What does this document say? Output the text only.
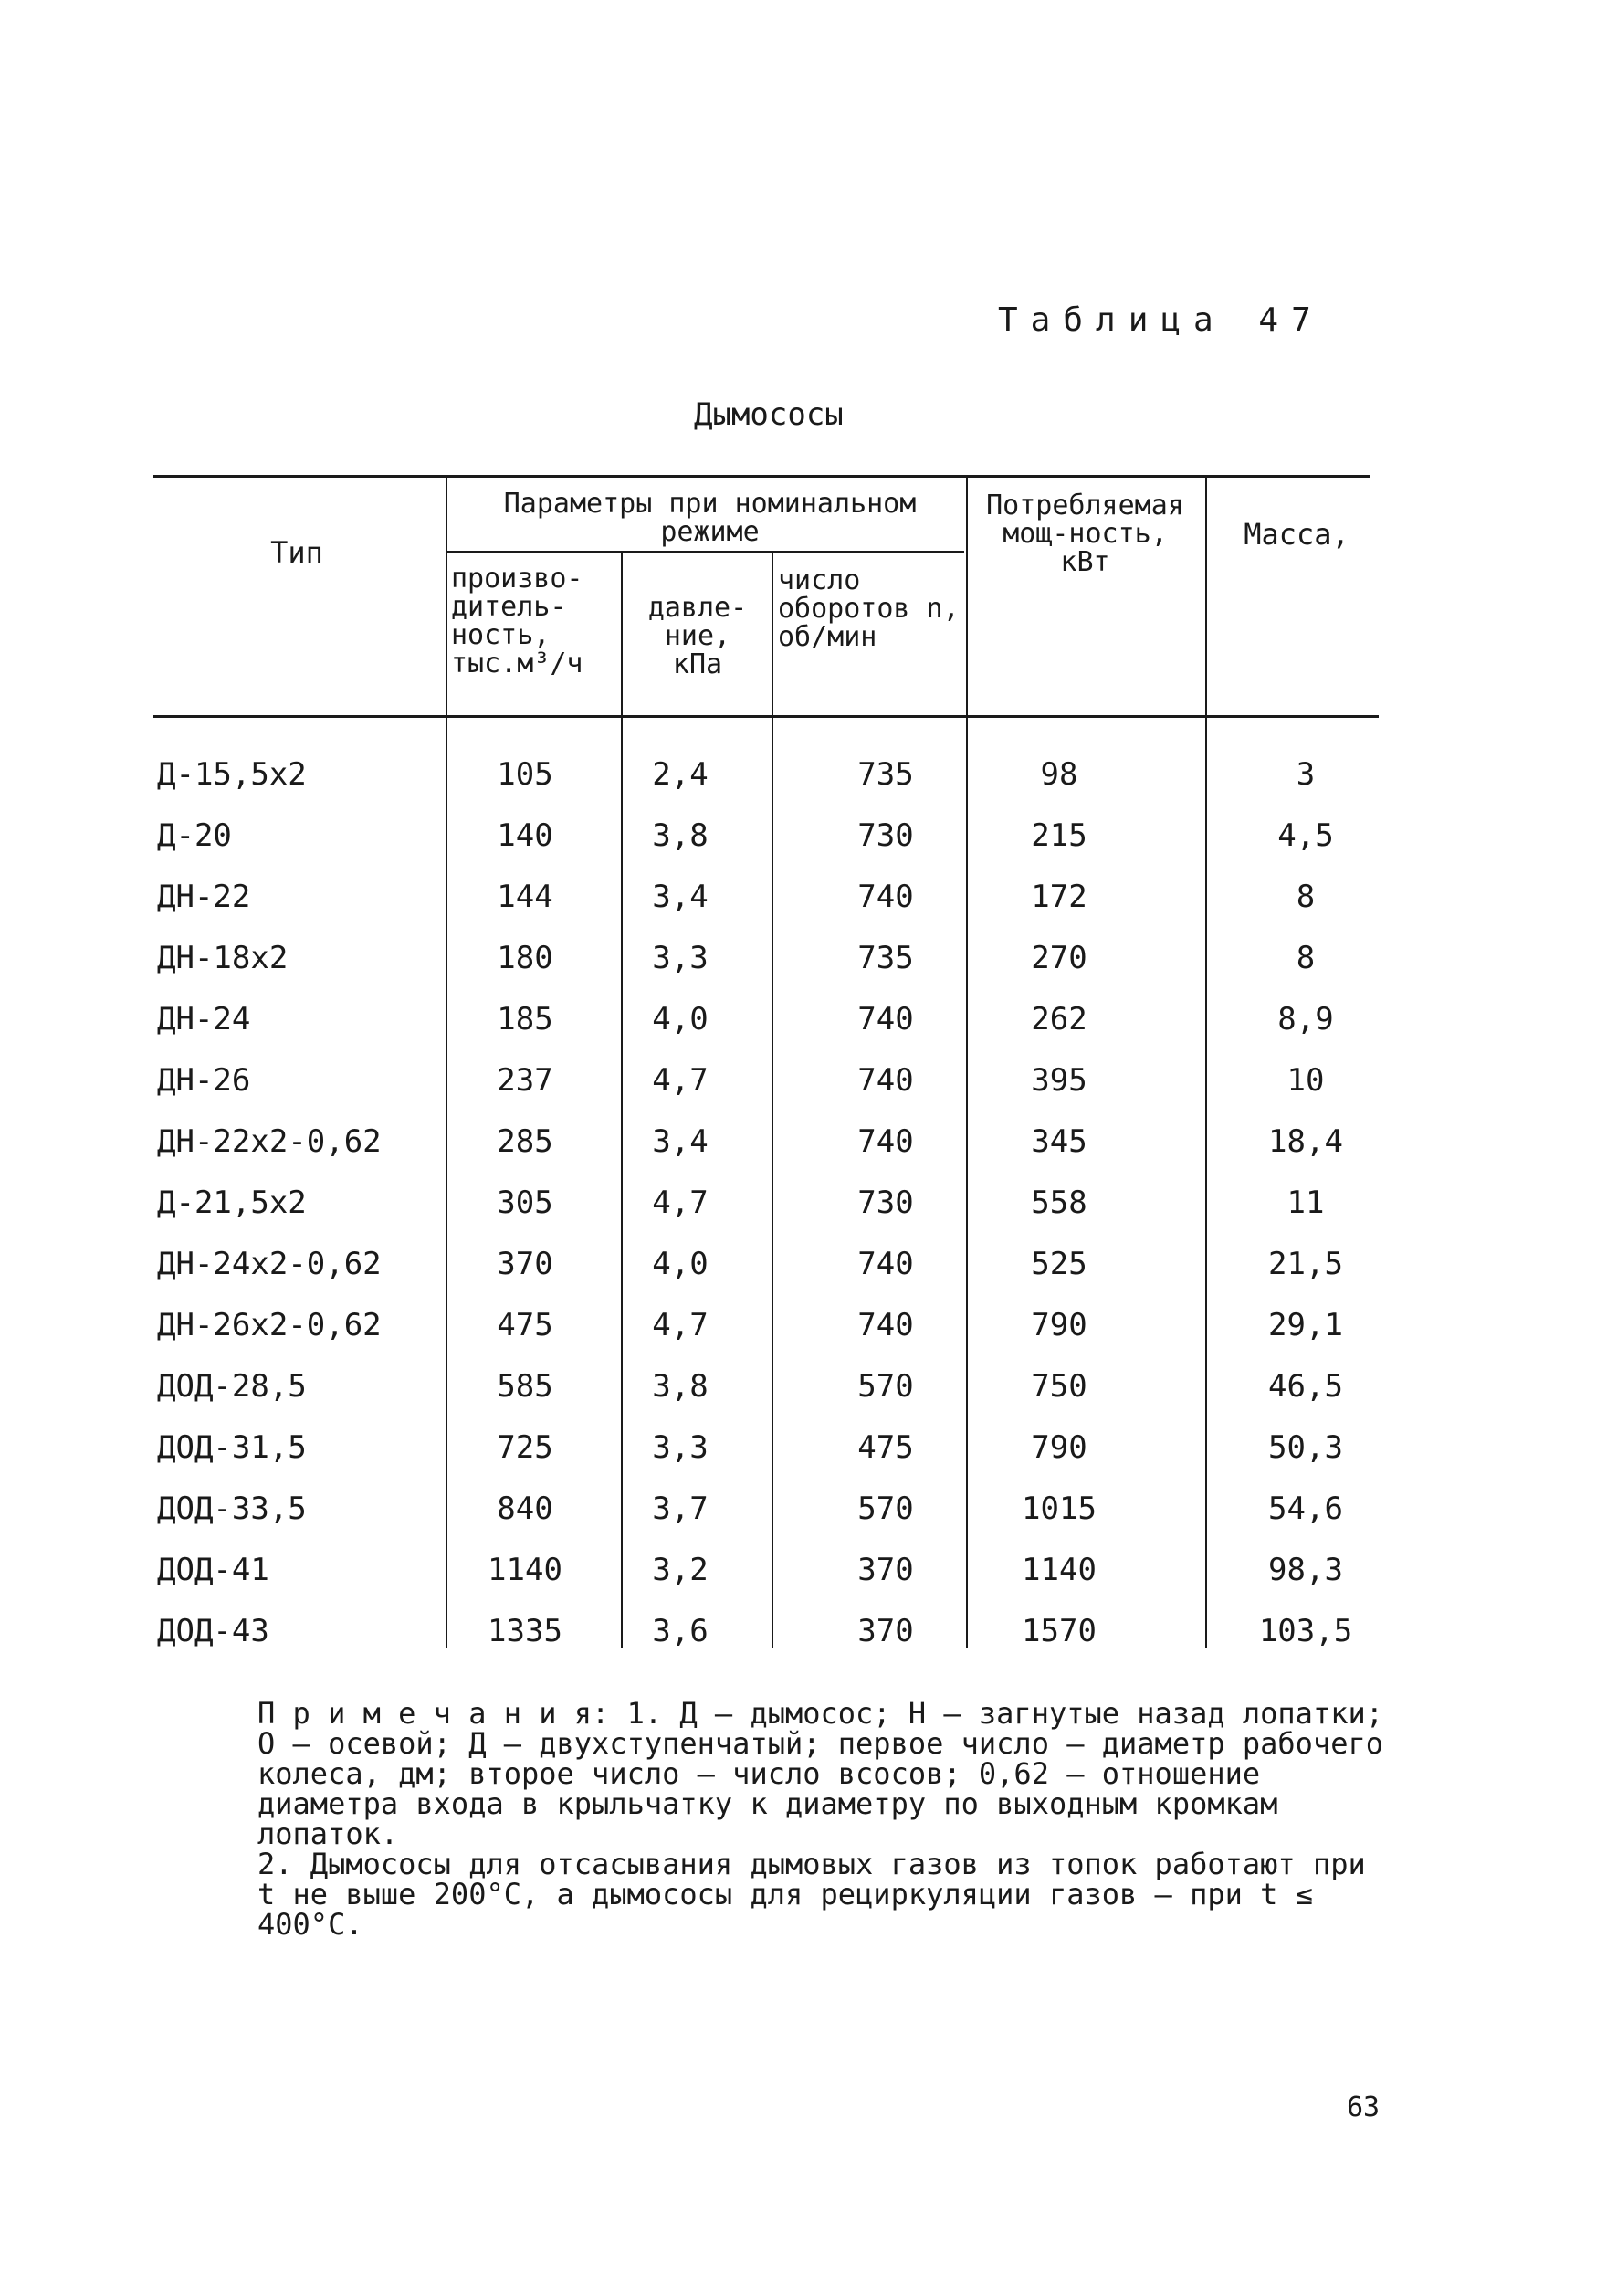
Таблица 47
Дымососы
Тип
Параметры при номинальном режиме
произво-дитель-ность, тыс.м³/ч
давле-ние, кПа
число оборотов n, об/мин
Потребляемая мощ-ность, кВт
Масса,
Д-15,5х2	105	2,4	735	98	3
Д-20	140	3,8	730	215	4,5
ДН-22	144	3,4	740	172	8
ДН-18х2	180	3,3	735	270	8
ДН-24	185	4,0	740	262	8,9
ДН-26	237	4,7	740	395	10
ДН-22х2-0,62	285	3,4	740	345	18,4
Д-21,5х2	305	4,7	730	558	11
ДН-24х2-0,62	370	4,0	740	525	21,5
ДН-26х2-0,62	475	4,7	740	790	29,1
ДОД-28,5	585	3,8	570	750	46,5
ДОД-31,5	725	3,3	475	790	50,3
ДОД-33,5	840	3,7	570	1015	54,6
ДОД-41	1140	3,2	370	1140	98,3
ДОД-43	1335	3,6	370	1570	103,5

П р и м е ч а н и я: 1. Д – дымосос; Н – загнутые назад лопатки; О – осевой; Д – двухступенчатый; первое число – диаметр рабочего колеса, дм; второе число – число всосов; 0,62 – отношение диаметра входа в крыльчатку к диаметру по выходным кромкам лопаток.

2. Дымососы для отсасывания дымовых газов из топок работают при t не выше 200°С, а дымососы для рециркуляции газов – при t ≤ 400°С.

63
